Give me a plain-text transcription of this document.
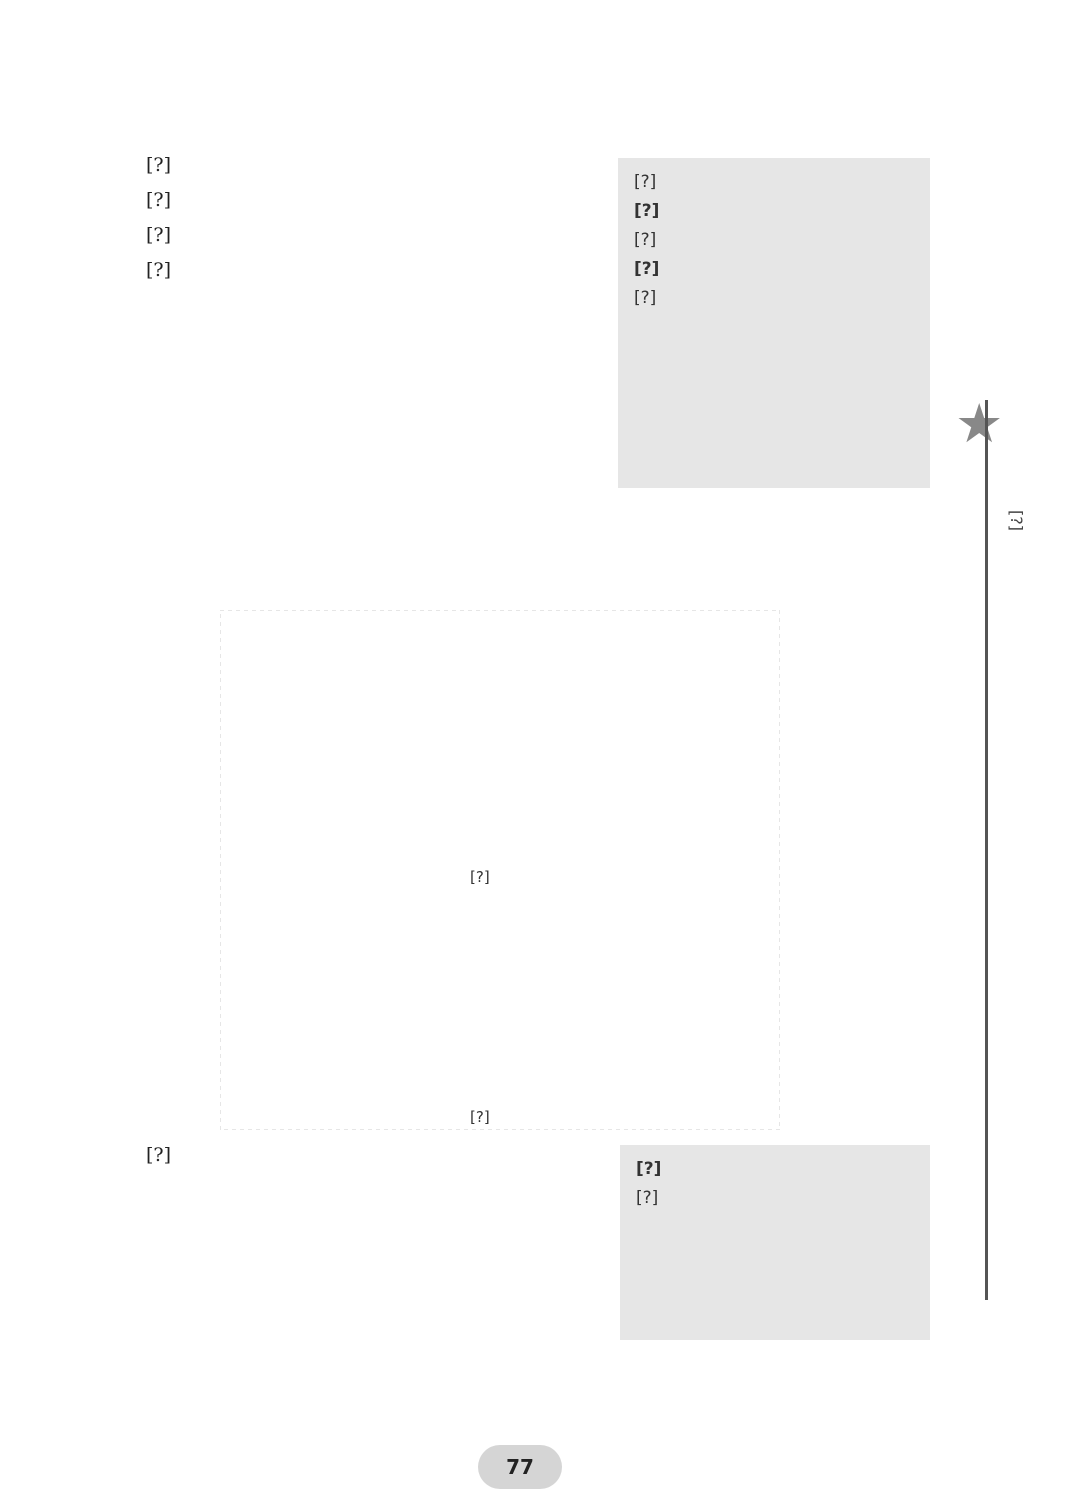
[?]

[?]

[?]

[?]

[?]
[?]
[?]
[?]
[?]
[?]
[?]

[?]

[?]
[?]
★
[?]
77
